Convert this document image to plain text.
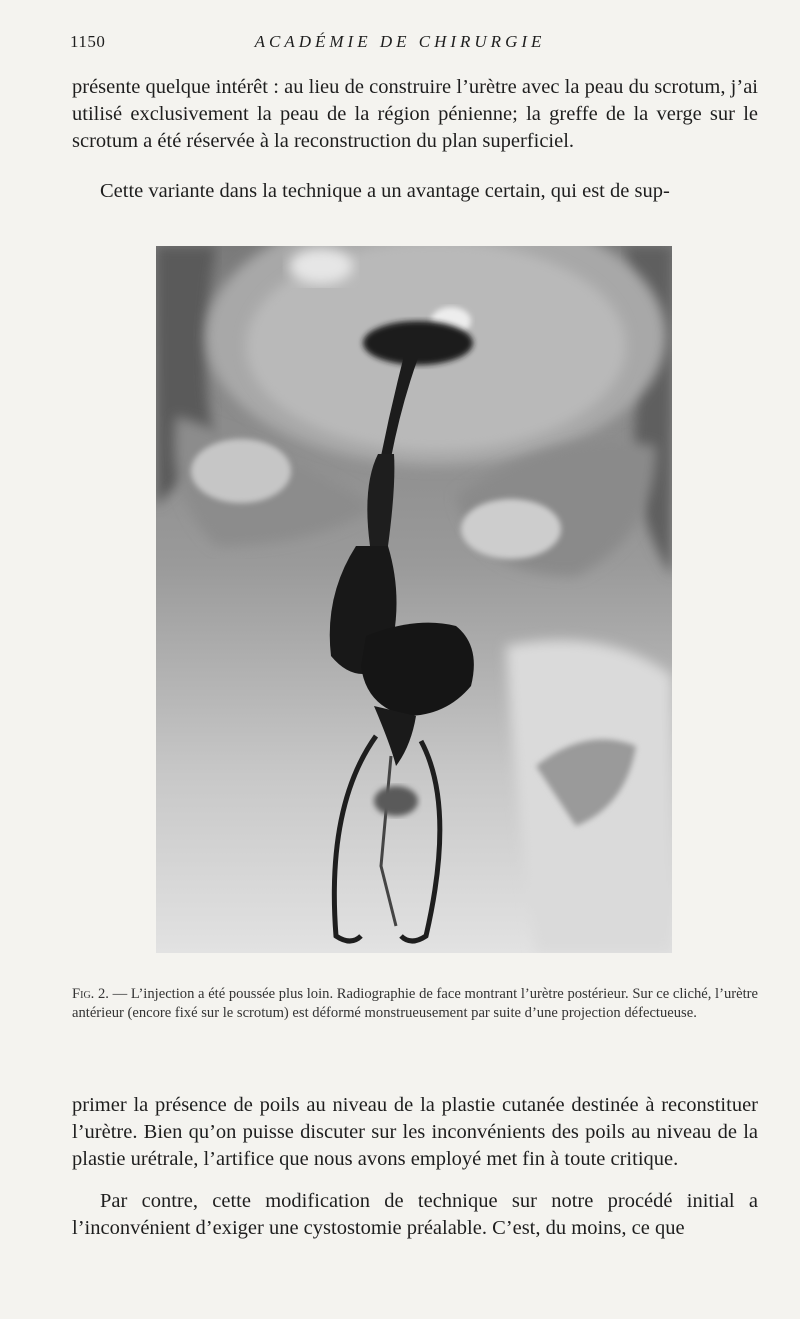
1150	ACADÉMIE DE CHIRURGIE

présente quelque intérêt : au lieu de construire l’urètre avec la peau du scrotum, j’ai utilisé exclusivement la peau de la région pénienne; la greffe de la verge sur le scrotum a été réservée à la reconstruction du plan superficiel.

Cette variante dans la technique a un avantage certain, qui est de sup-

Fig. 2. — L’injection a été poussée plus loin. Radiographie de face montrant l’urètre postérieur. Sur ce cliché, l’urètre antérieur (encore fixé sur le scrotum) est déformé monstrueusement par suite d’une projection défectueuse.

primer la présence de poils au niveau de la plastie cutanée destinée à reconstituer l’urètre. Bien qu’on puisse discuter sur les inconvénients des poils au niveau de la plastie urétrale, l’artifice que nous avons employé met fin à toute critique.

Par contre, cette modification de technique sur notre procédé initial a l’inconvénient d’exiger une cystostomie préalable. C’est, du moins, ce que
